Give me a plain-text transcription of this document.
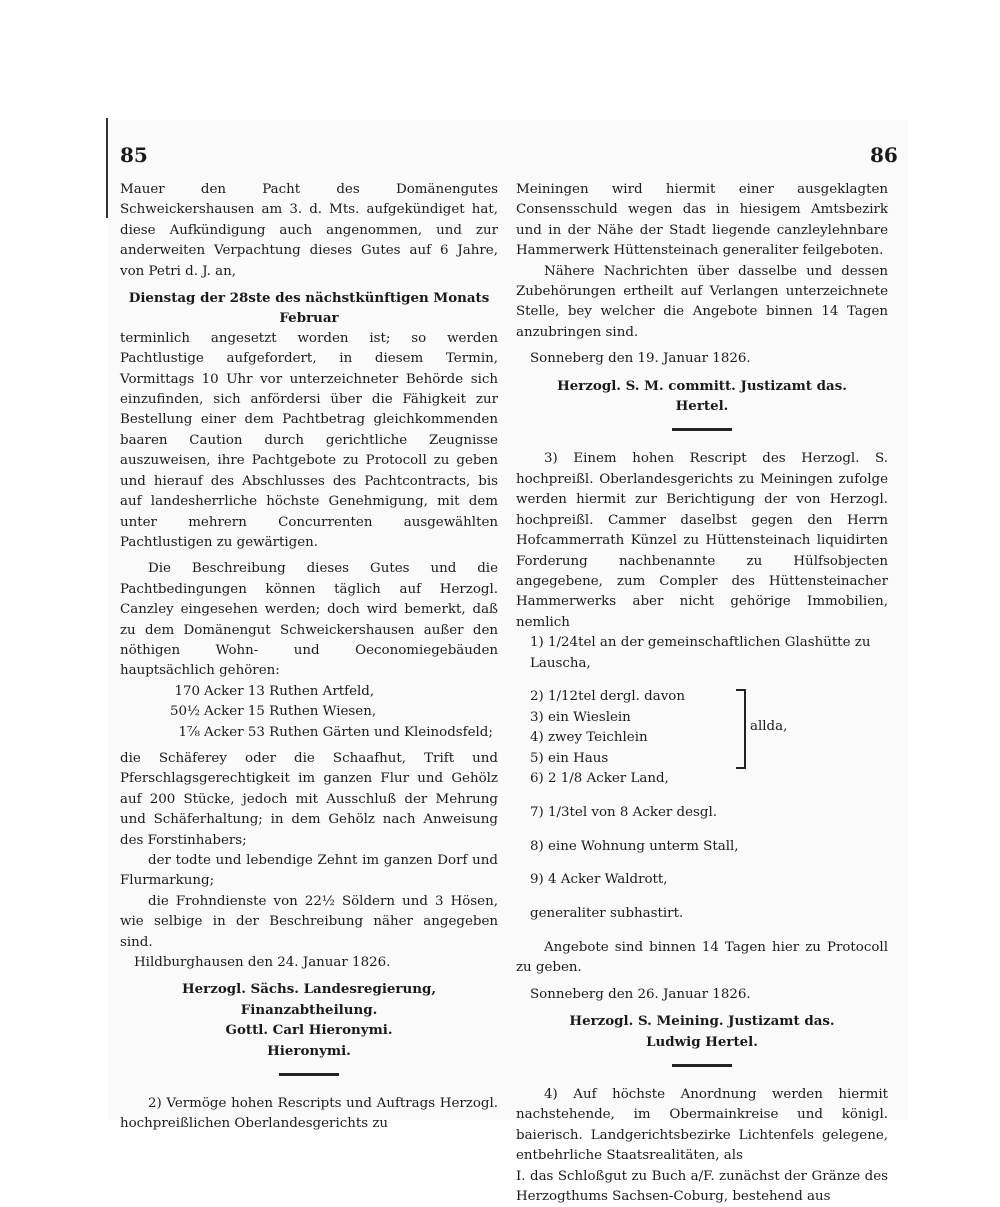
85	86

Mauer den Pacht des Domänengutes Schweickershausen am 3. d. Mts. aufgekündiget hat, diese Aufkündigung auch angenommen, und zur anderweiten Verpachtung dieses Gutes auf 6 Jahre, von Petri d. J. an,

Dienstag der 28ste des nächstkünftigen Monats

Februar

terminlich angesetzt worden ist; so werden Pachtlustige aufgefordert, in diesem Termin, Vormittags 10 Uhr vor unterzeichneter Behörde sich einzufinden, sich anfördersi über die Fähigkeit zur Bestellung einer dem Pachtbetrag gleichkommenden baaren Caution durch gerichtliche Zeugnisse auszuweisen, ihre Pachtgebote zu Protocoll zu geben und hierauf des Abschlusses des Pachtcontracts, bis auf landesherrliche höchste Genehmigung, mit dem unter mehrern Concurrenten ausgewählten Pachtlustigen zu gewärtigen.

Die Beschreibung dieses Gutes und die Pachtbedingungen können täglich auf Herzogl. Canzley eingesehen werden; doch wird bemerkt, daß zu dem Domänengut Schweickershausen außer den nöthigen Wohn- und Oeconomiegebäuden hauptsächlich gehören:

170 Acker 13 Ruthen Artfeld,
50½ Acker 15 Ruthen Wiesen,
1⅞ Acker 53 Ruthen Gärten und Kleinodsfeld;

die Schäferey oder die Schaafhut, Trift und Pferschlagsgerechtigkeit im ganzen Flur und Gehölz auf 200 Stücke, jedoch mit Ausschluß der Mehrung und Schäferhaltung; in dem Gehölz nach Anweisung des Forstinhabers;

der todte und lebendige Zehnt im ganzen Dorf und Flurmarkung;

die Frohndienste von 22½ Söldern und 3 Hösen, wie selbige in der Beschreibung näher angegeben sind.

Hildburghausen den 24. Januar 1826.

Herzogl. Sächs. Landesregierung,

Finanzabtheilung.

Gottl. Carl Hieronymi.

Hieronymi.

2) Vermöge hohen Rescripts und Auftrags Herzogl. hochpreißlichen Oberlandesgerichts zu

Meiningen wird hiermit einer ausgeklagten Consensschuld wegen das in hiesigem Amtsbezirk und in der Nähe der Stadt liegende canzleylehnbare Hammerwerk Hüttensteinach generaliter feilgeboten.

Nähere Nachrichten über dasselbe und dessen Zubehörungen ertheilt auf Verlangen unterzeichnete Stelle, bey welcher die Angebote binnen 14 Tagen anzubringen sind.

Sonneberg den 19. Januar 1826.

Herzogl. S. M. committ. Justizamt das.

Hertel.

3) Einem hohen Rescript des Herzogl. S. hochpreißl. Oberlandesgerichts zu Meiningen zufolge werden hiermit zur Berichtigung der von Herzogl. hochpreißl. Cammer daselbst gegen den Herrn Hofcammerrath Künzel zu Hüttensteinach liquidirten Forderung nachbenannte zu Hülfsobjecten angegebene, zum Compler des Hüttensteinacher Hammerwerks aber nicht gehörige Immobilien, nemlich

1) 1/24tel an der gemeinschaftlichen Glashütte zu Lauscha,

2) 1/12tel dergl. davon
3) ein Wieslein
4) zwey Teichlein
5) ein Haus
allda,

6) 2 1/8 Acker Land,

7) 1/3tel von 8 Acker desgl.

8) eine Wohnung unterm Stall,

9) 4 Acker Waldrott,

generaliter subhastirt.

Angebote sind binnen 14 Tagen hier zu Protocoll zu geben.

Sonneberg den 26. Januar 1826.

Herzogl. S. Meining. Justizamt das.

Ludwig Hertel.

4) Auf höchste Anordnung werden hiermit nachstehende, im Obermainkreise und königl. baierisch. Landgerichtsbezirke Lichtenfels gelegene, entbehrliche Staatsrealitäten, als

I. das Schloßgut zu Buch a/F. zunächst der Gränze des Herzogthums Sachsen-Coburg, bestehend aus
